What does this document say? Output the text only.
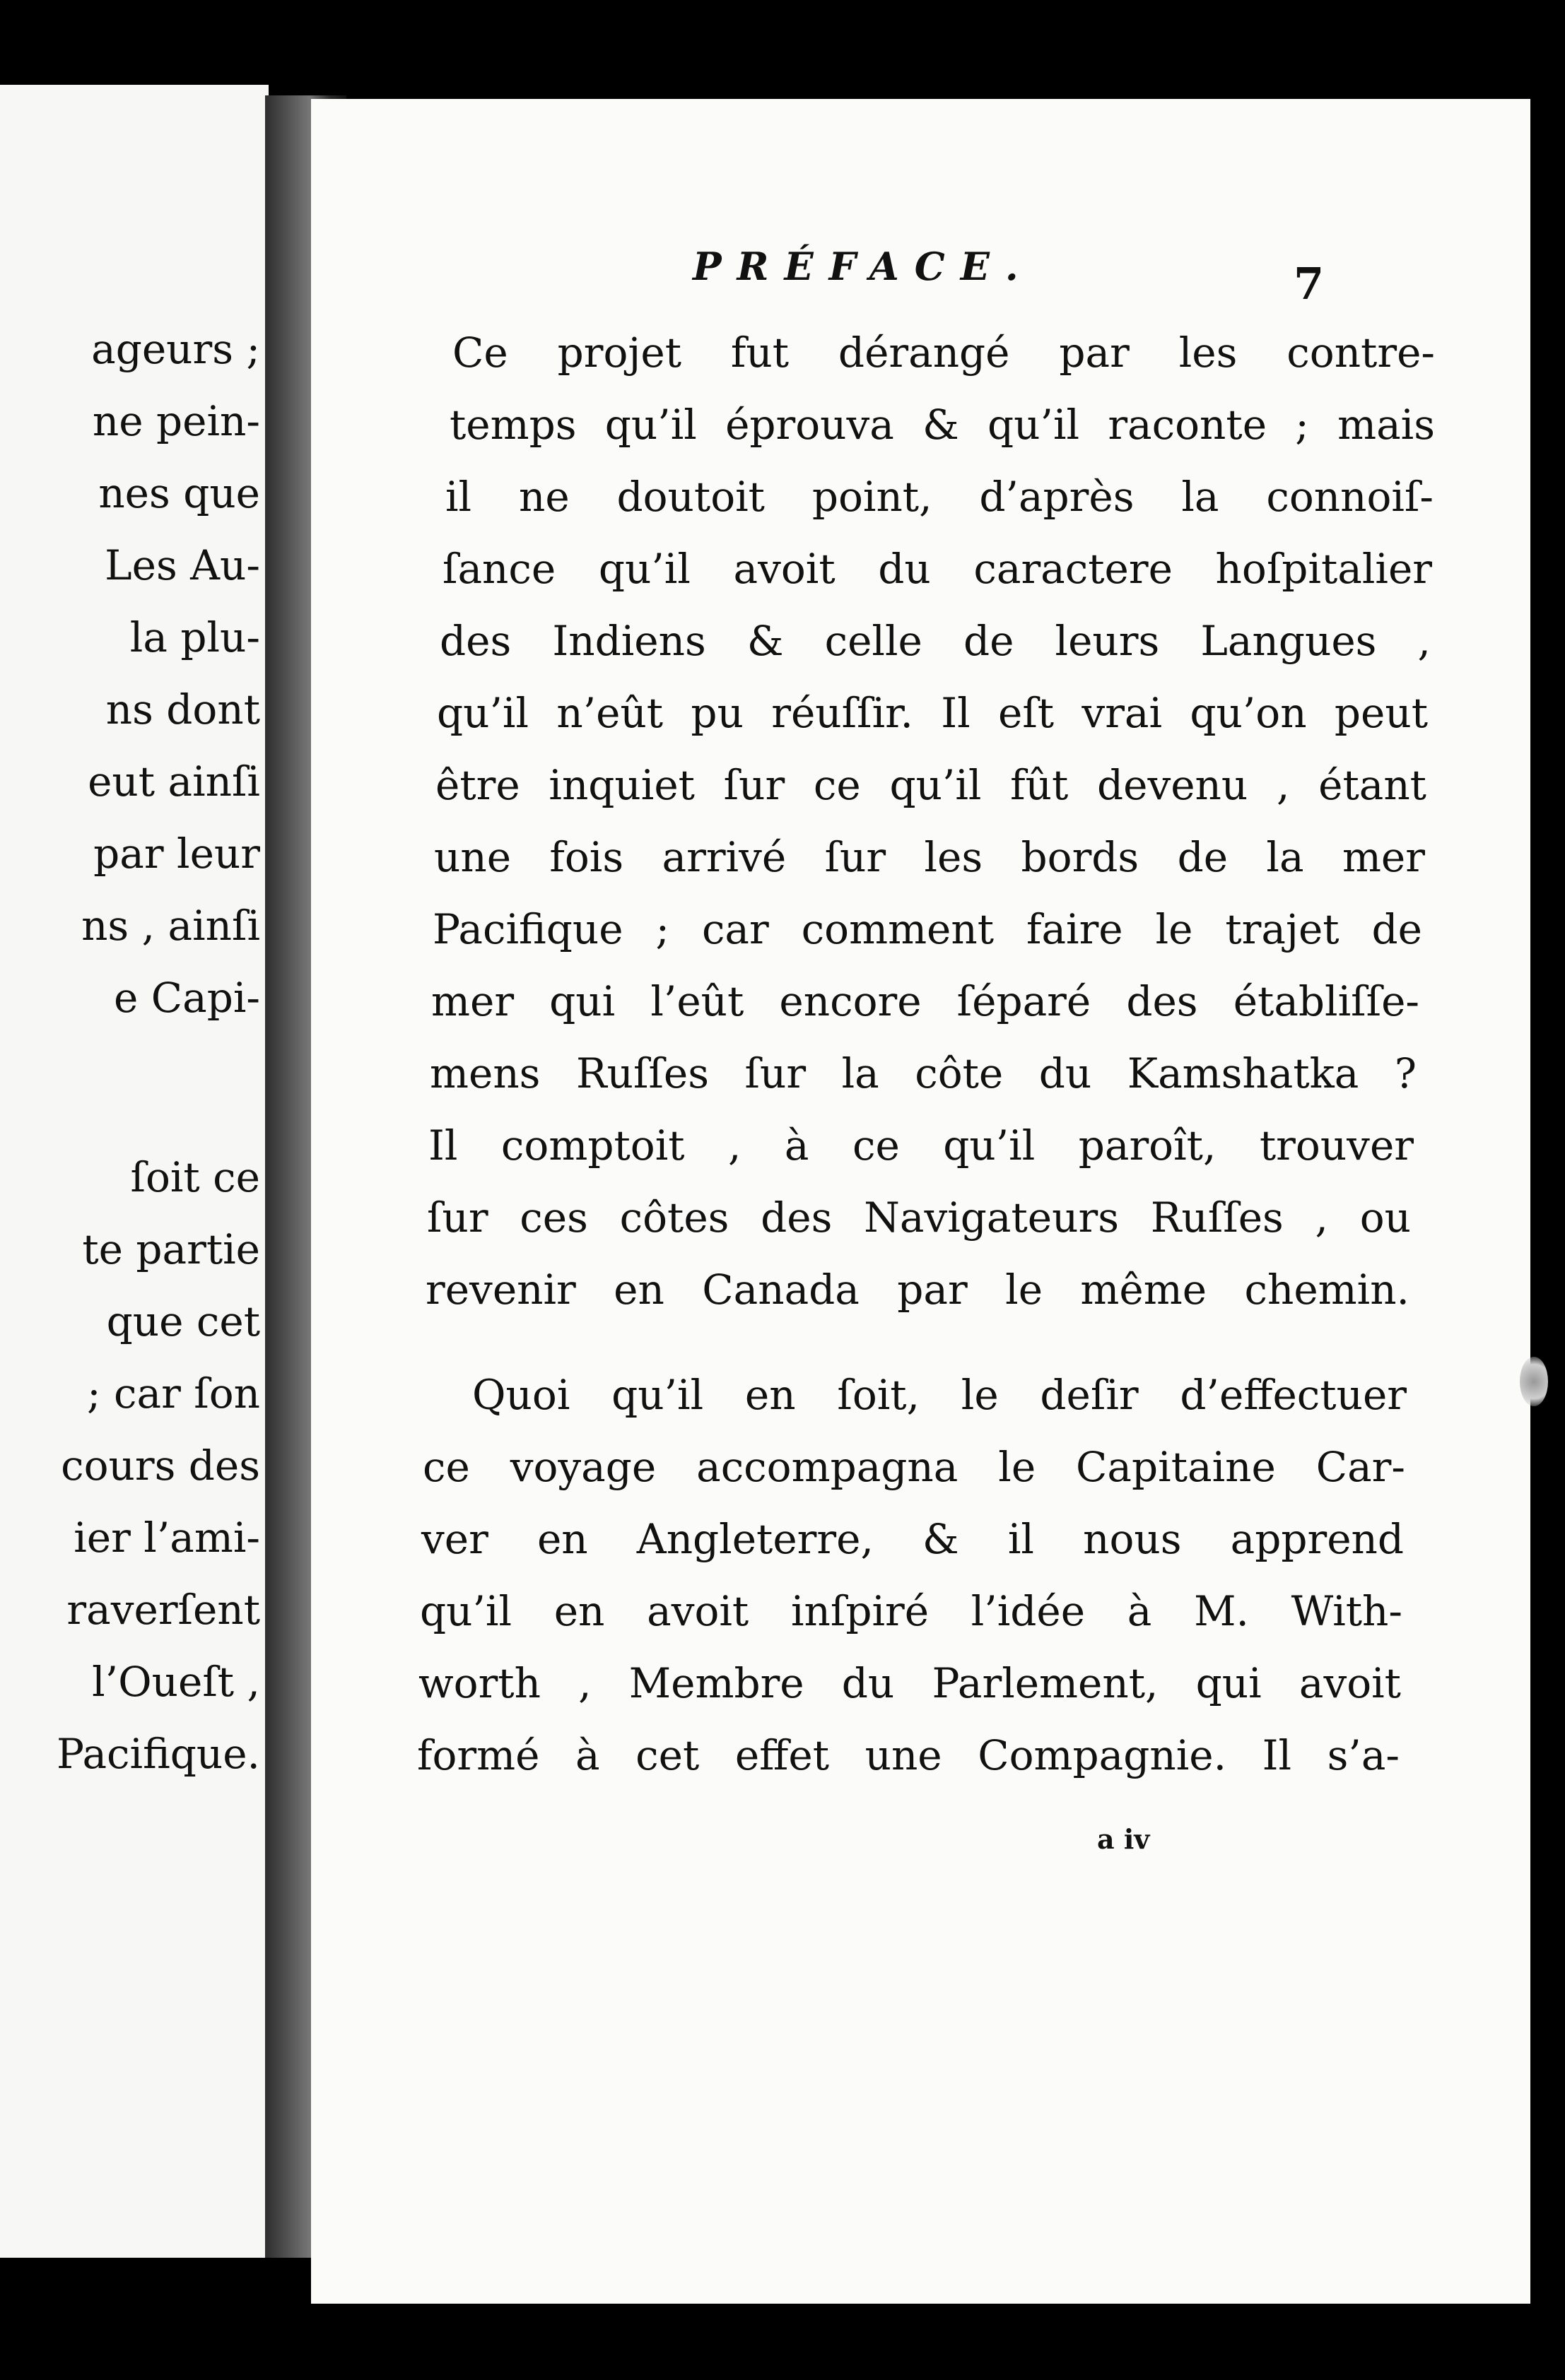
ageurs ;
ne pein-
nes que
Les Au-
la plu-
ns dont
eut ainſi
par leur
ns , ainſi
e Capi-
ſoit ce
te partie
que cet
; car ſon
cours des
ier l’ami-
raverſent
l’Oueſt ,
Pacifique.
PRÉFACE.	7
Ce projet fut dérangé par les contre-
temps qu’il éprouva & qu’il raconte ; mais
il ne doutoit point, d’après la connoiſ-
ſance qu’il avoit du caractere hoſpitalier
des Indiens & celle de leurs Langues ,
qu’il n’eût pu réuſſir. Il eſt vrai qu’on peut
être inquiet ſur ce qu’il fût devenu , étant
une fois arrivé ſur les bords de la mer
Pacifique ; car comment faire le trajet de
mer qui l’eût encore ſéparé des établiſſe-
mens Ruſſes ſur la côte du Kamshatka ?
Il comptoit , à ce qu’il paroît, trouver
ſur ces côtes des Navigateurs Ruſſes , ou
revenir en Canada par le même chemin.
Quoi qu’il en ſoit, le deſir d’effectuer
ce voyage accompagna le Capitaine Car-
ver en Angleterre, & il nous apprend
qu’il en avoit inſpiré l’idée à M. With-
worth , Membre du Parlement, qui avoit
formé à cet effet une Compagnie. Il s’a-
a iv
